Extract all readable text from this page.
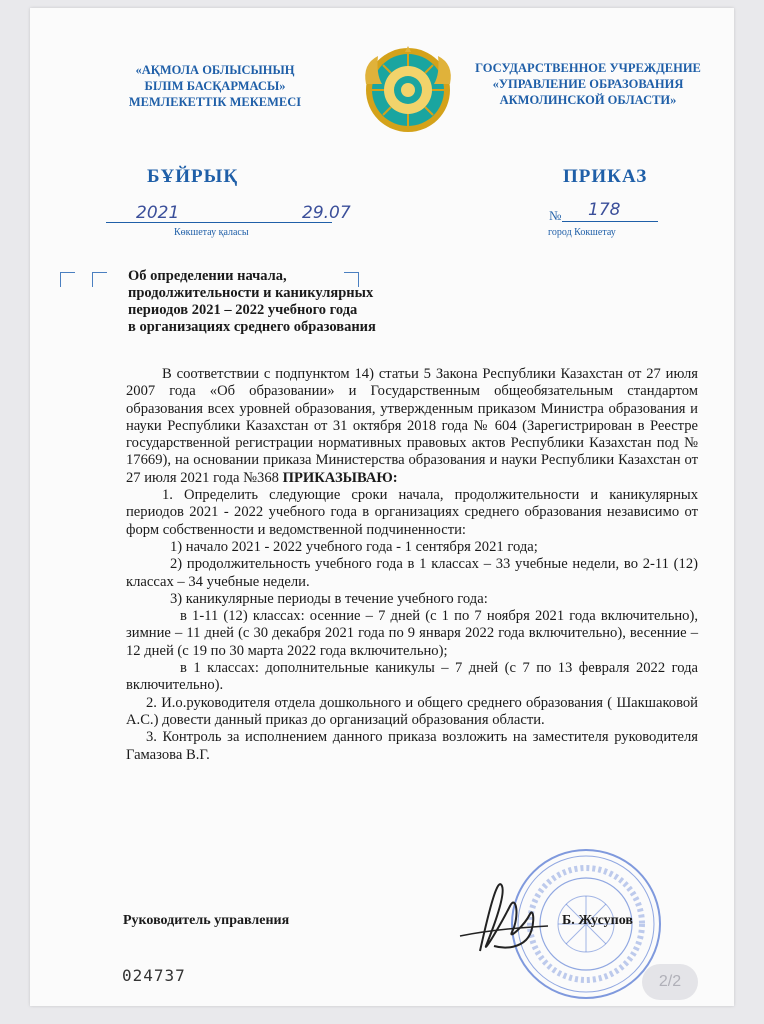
«АҚМОЛА ОБЛЫСЫНЫҢ
БІЛІМ БАСҚАРМАСЫ»
МЕМЛЕКЕТТІК МЕКЕМЕСІ
ГОСУДАРСТВЕННОЕ УЧРЕЖДЕНИЕ
«УПРАВЛЕНИЕ ОБРАЗОВАНИЯ
АКМОЛИНСКОЙ ОБЛАСТИ»
БҰЙРЫҚ	ПРИКАЗ
2021	29.07
Көкшетау қаласы
№ 178
город Кокшетау
Об определении начала,
продолжительности и каникулярных
периодов 2021 – 2022 учебного года
в организациях среднего образования

В соответствии с подпунктом 14) статьи 5 Закона Республики Казахстан от 27 июля 2007 года «Об образовании» и Государственным общеобязательным стандартом образования всех уровней образования, утвержденным приказом Министра образования и науки Республики Казахстан от 31 октября 2018 года № 604 (Зарегистрирован в Реестре государственной регистрации нормативных правовых актов Республики Казахстан под № 17669), на основании приказа Министерства образования и науки Республики Казахстан от 27 июля 2021 года №368 ПРИКАЗЫВАЮ:

1. Определить следующие сроки начала, продолжительности и каникулярных периодов 2021 - 2022 учебного года в организациях среднего образования независимо от форм собственности и ведомственной подчиненности:

1) начало 2021 - 2022 учебного года - 1 сентября 2021 года;

2) продолжительность учебного года в 1 классах – 33 учебные недели, во 2-11 (12) классах – 34 учебные недели.

3) каникулярные периоды в течение учебного года:

в 1-11 (12) классах: осенние – 7 дней (с 1 по 7 ноября 2021 года включительно), зимние – 11 дней (с 30 декабря 2021 года по 9 января 2022 года включительно), весенние – 12 дней (с 19 по 30 марта 2022 года включительно);

в 1 классах: дополнительные каникулы – 7 дней (с 7 по 13 февраля 2022 года включительно).

2. И.о.руководителя отдела дошкольного и общего среднего образования ( Шакшаковой А.С.) довести данный приказ до организаций образования области.

3. Контроль за исполнением данного приказа возложить на заместителя руководителя Гамазова В.Г.

Руководитель управления	Б. Жусупов
024737	2/2
